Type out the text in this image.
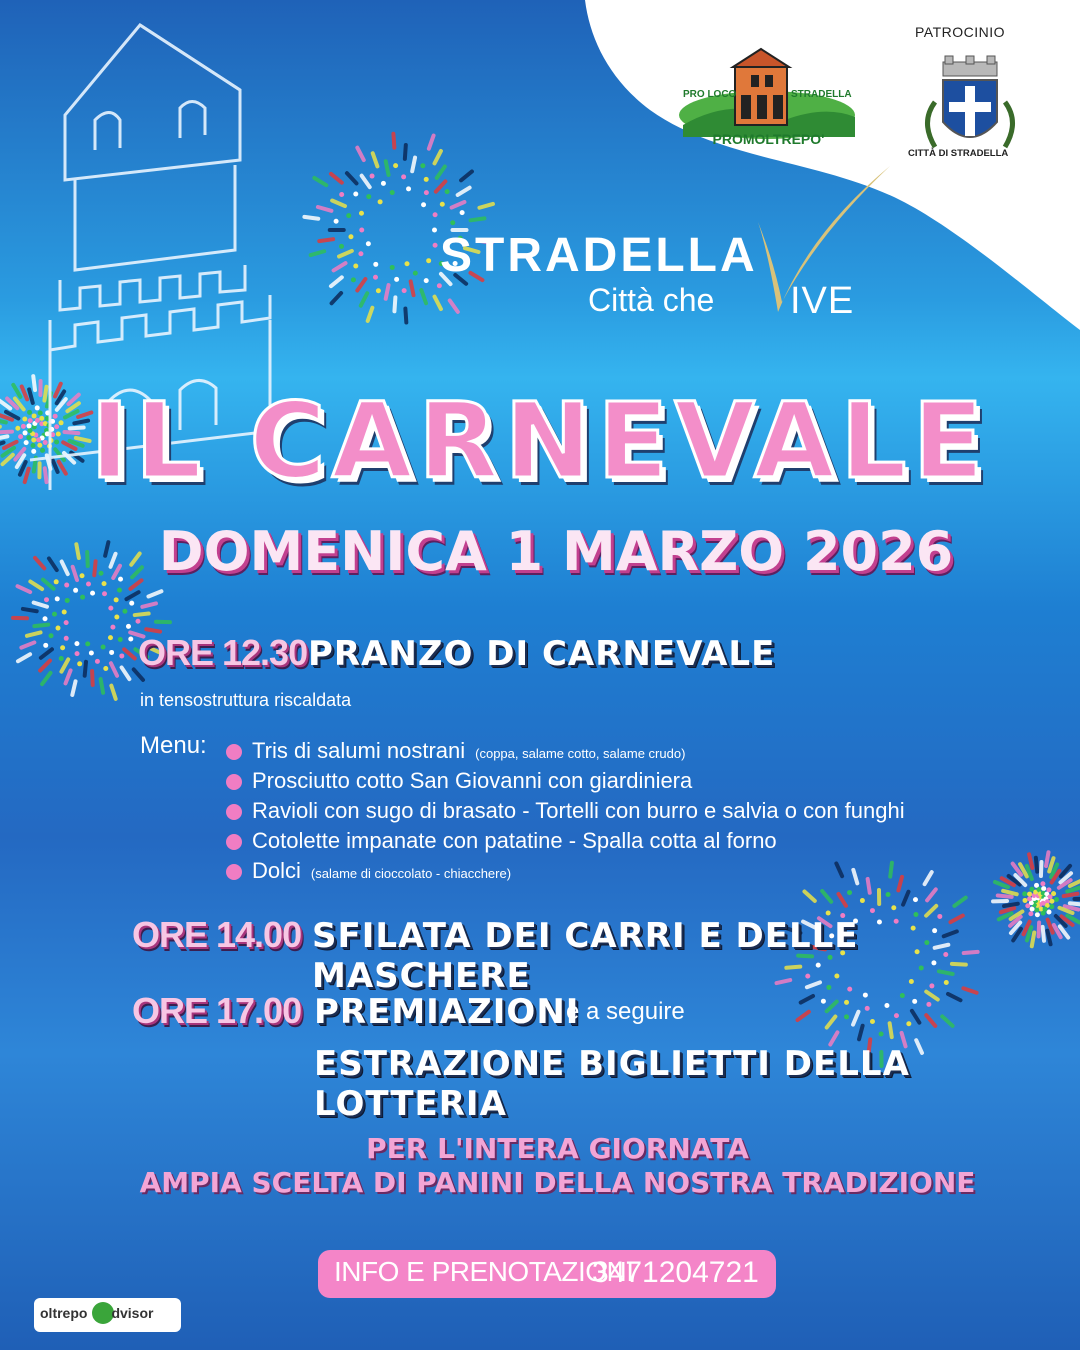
PATROCINIO
PRO LOCO	STRADELLA
PROMOLTREPO'
CITTÀ DI STRADELLA
STRADELLA
Città che IVE
IL CARNEVALE
DOMENICA 1 MARZO 2026
ORE 12.30 PRANZO DI CARNEVALE
in tensostruttura riscaldata
Menu: Tris di salumi nostrani (coppa, salame cotto, salame crudo)
Prosciutto cotto San Giovanni con giardiniera
Ravioli con sugo di brasato - Tortelli con burro e salvia o con funghi
Cotolette impanate con patatine - Spalla cotta al forno
Dolci (salame di cioccolato - chiacchere)
ORE 14.00 SFILATA DEI CARRI E DELLE MASCHERE
ORE 17.00 PREMIAZIONI
e a seguire
ESTRAZIONE BIGLIETTI DELLA LOTTERIA
PER L'INTERA GIORNATA
AMPIA SCELTA DI PANINI DELLA NOSTRA TRADIZIONE
INFO E PRENOTAZIONI
3471204721
oltrepo dvisor
